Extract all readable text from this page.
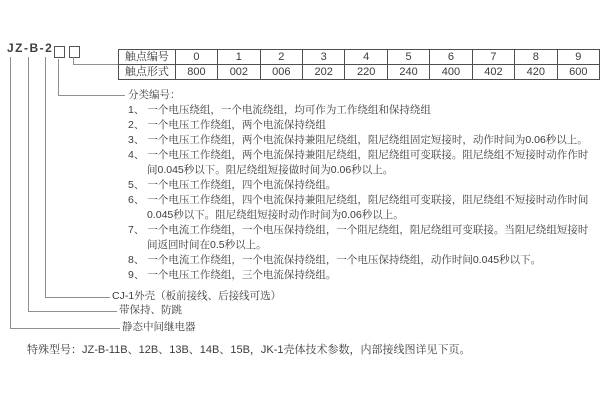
JZ-B-2
触点编号	0	1	2	3	4	5	6	7	8	9
触点形式	800	002	006	202	220	240	400	402	420	600
分类编号：
1、 一个电压绕组，一个电流绕组，均可作为工作绕组和保持绕组
2、 一个电压工作绕组，两个电流保持绕组
3、 一个电压工作绕组，两个电流保持兼阻尼绕组，阻尼绕组固定短接时，动作时间为0.06秒以上。
4、 一个电压工作绕组，两个电流保持兼阻尼绕组，阻尼绕组可变联接。阻尼绕组不短接时动作作时间0.045秒以下。阻尼绕组短接做时间为0.06秒以上。
5、 一个电压工作绕组，四个电流保持绕组。
6、 一个电压工作绕组，四个电流保持兼阻尼绕组，阻尼绕组可变联接，阻尼绕组不短接时动作时间0.045秒以下。阻尼绕组短接时动作时间为0.06秒以上。
7、 一个电流工作绕组，一个电压保持绕组，一个阻尼绕组，阻尼绕组可变联接。当阻尼绕组短接时间返回时间在0.5秒以上。
8、 一个电流工作绕组，一个电流保持绕组，一个电压保持绕组，动作时间0.045秒以下。
9、 一个电压工作绕组，三个电流保持绕组。
CJ-1外壳（板前接线、后接线可选）
带保持、防跳
静态中间继电器
特殊型号：JZ-B-11B、12B、13B、14B、15B，JK-1壳体技术参数，内部接线图详见下页。
